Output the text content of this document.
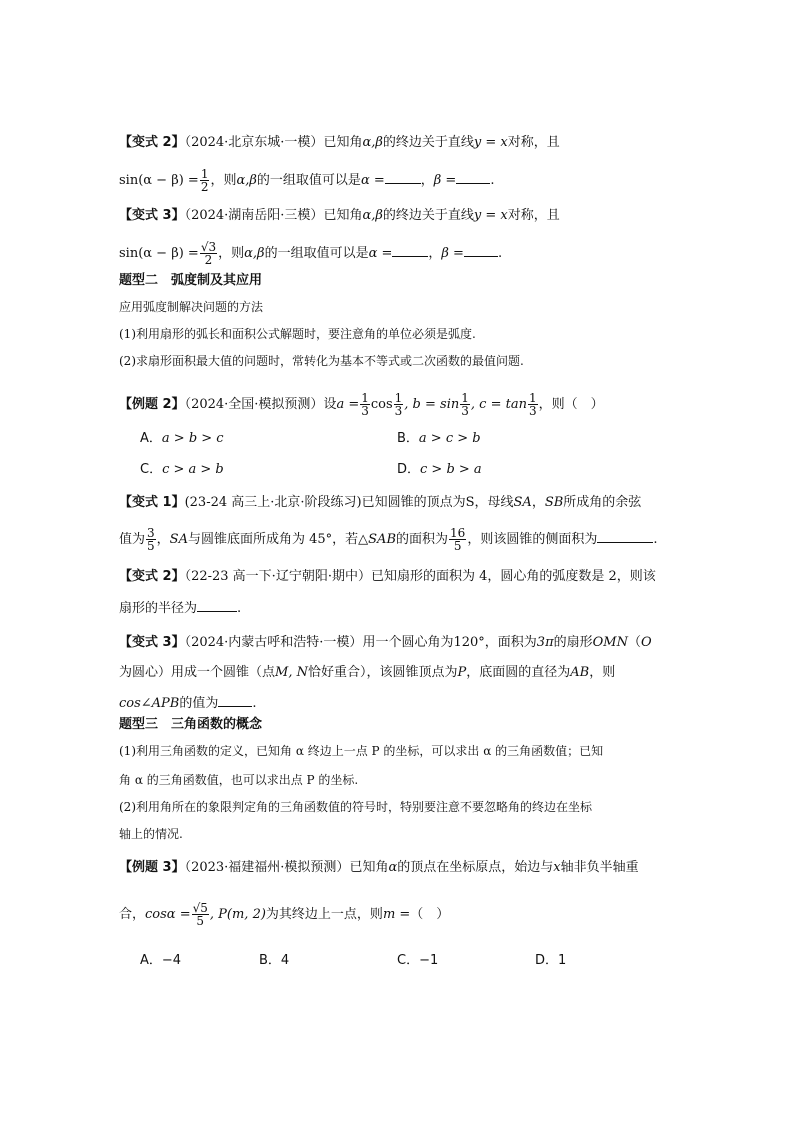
【变式 2】（2024·北京东城·一模）已知角α,β的终边关于直线y = x对称，且
$\sin(\alpha - \beta) = \frac{1}{2}$ ，则α,β的一组取值可以是α =	，β =	.
【变式 3】（2024·湖南岳阳·三模）已知角α,β的终边关于直线y = x对称，且
$\sin(\alpha - \beta) = \frac{√3}{2}$ ，则α,β的一组取值可以是α =	，β =	.
题型二　弧度制及其应用
应用弧度制解决问题的方法
(1)利用扇形的弧长和面积公式解题时，要注意角的单位必须是弧度.
(2)求扇形面积最大值的问题时，常转化为基本不等式或二次函数的最值问题.
【例题 2】（2024·全国·模拟预测）设$a = \frac{1}{3}$ $\cos \frac{1}{3}$ , $b = \sin \frac{1}{3}$ , $c = \tan \frac{1}{3}$ ，则（　）
A．a > b > c	B．a > c > b
C．c > a > b	D．c > b > a
【变式 1】(23-24 高三上·北京·阶段练习)已知圆锥的顶点为S，母线SA，SB所成角的余弦
值为 $\frac{3}{5}$ ，SA与圆锥底面所成角为 45°，若△SAB的面积为 $\frac{16}{5}$ ，则该圆锥的侧面积为	.
【变式 2】（22-23 高一下·辽宁朝阳·期中）已知扇形的面积为 4，圆心角的弧度数是 2，则该
扇形的半径为	.
【变式 3】（2024·内蒙古呼和浩特·一模）用一个圆心角为120°，面积为3π的扇形OMN（O
为圆心）用成一个圆锥（点M, N恰好重合），该圆锥顶点为P，底面圆的直径为AB，则
cos∠APB的值为	.
题型三　三角函数的概念
(1)利用三角函数的定义，已知角 α 终边上一点 P 的坐标，可以求出 α 的三角函数值；已知
角 α 的三角函数值，也可以求出点 P 的坐标.
(2)利用角所在的象限判定角的三角函数值的符号时，特别要注意不要忽略角的终边在坐标
轴上的情况.
【例题 3】（2023·福建福州·模拟预测）已知角α的顶点在坐标原点，始边与x轴非负半轴重
合，$\cos\alpha = \frac{√5}{5}$ , P(m, 2)为其终边上一点，则m =（　）
A．−4	B．4	C．−1	D．1
